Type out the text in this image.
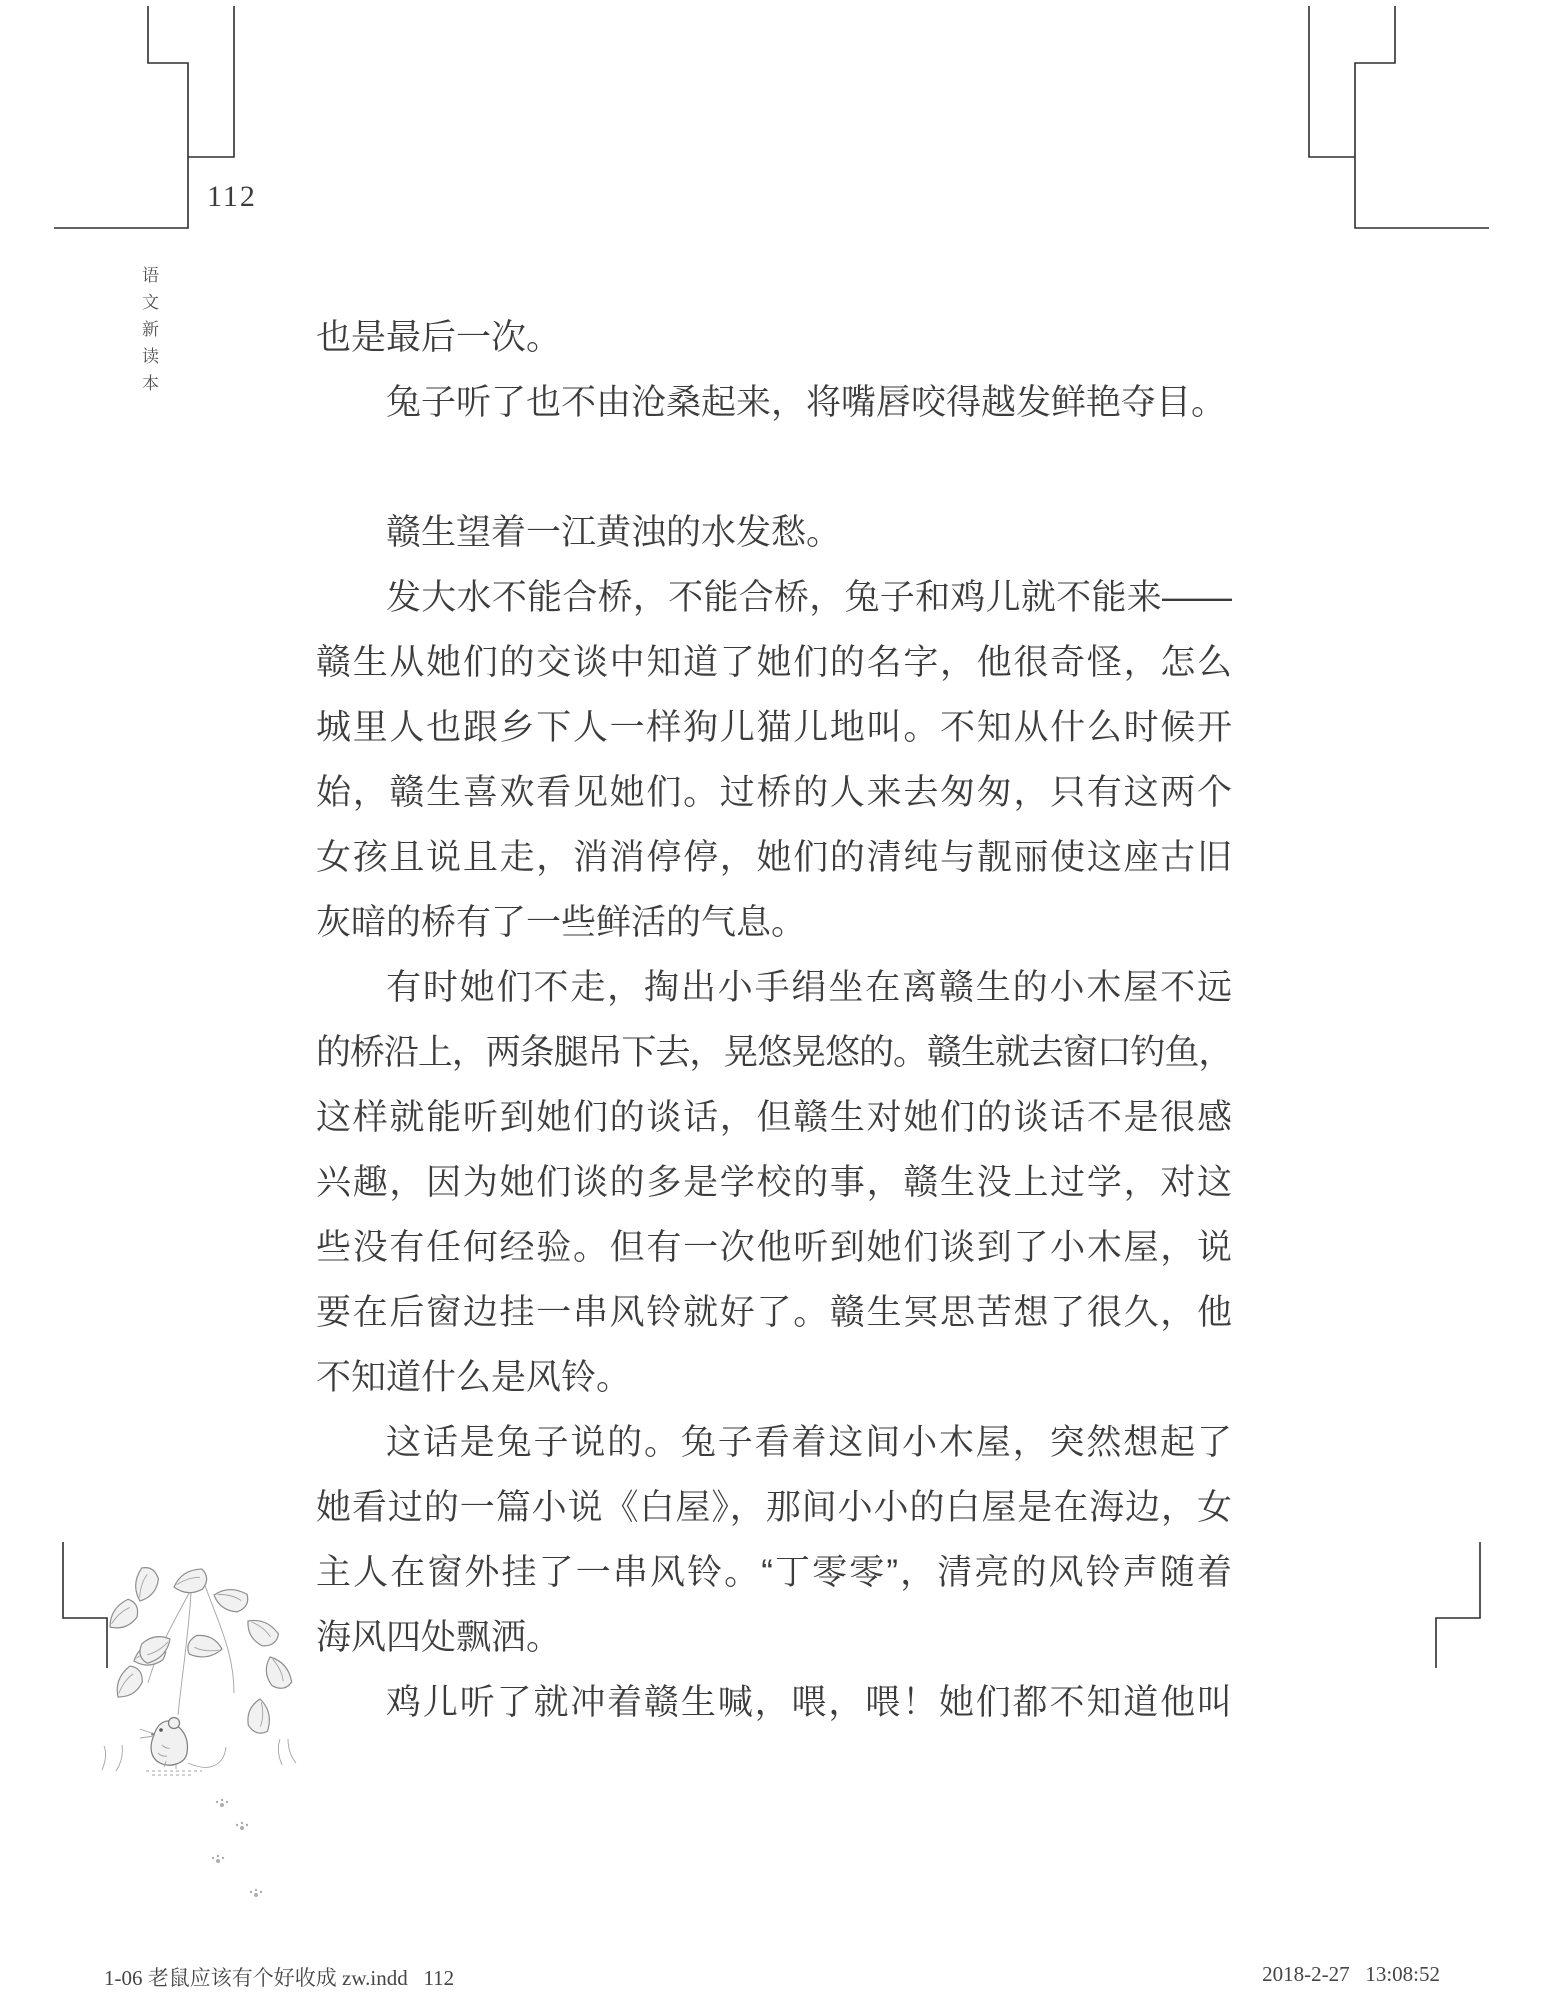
112
语文新读本	也是最后一次。
兔子听了也不由沧桑起来，将嘴唇咬得越发鲜艳夺目。
赣生望着一江黄浊的水发愁。
发大水不能合桥，不能合桥，兔子和鸡儿就不能来——
赣生从她们的交谈中知道了她们的名字，他很奇怪，怎么
城里人也跟乡下人一样狗儿猫儿地叫。不知从什么时候开
始，赣生喜欢看见她们。过桥的人来去匆匆，只有这两个
女孩且说且走，消消停停，她们的清纯与靓丽使这座古旧
灰暗的桥有了一些鲜活的气息。
有时她们不走，掏出小手绢坐在离赣生的小木屋不远
的桥沿上，两条腿吊下去，晃悠晃悠的。赣生就去窗口钓鱼，
这样就能听到她们的谈话，但赣生对她们的谈话不是很感
兴趣，因为她们谈的多是学校的事，赣生没上过学，对这
些没有任何经验。但有一次他听到她们谈到了小木屋，说
要在后窗边挂一串风铃就好了。赣生冥思苦想了很久，他
不知道什么是风铃。
这话是兔子说的。兔子看着这间小木屋，突然想起了
她看过的一篇小说《白屋》，那间小小的白屋是在海边，女
主人在窗外挂了一串风铃。“丁零零”，清亮的风铃声随着
海风四处飘洒。
鸡儿听了就冲着赣生喊，喂，喂！她们都不知道他叫
1-06 老鼠应该有个好收成 zw.indd   112	2018-2-27   13:08:52
